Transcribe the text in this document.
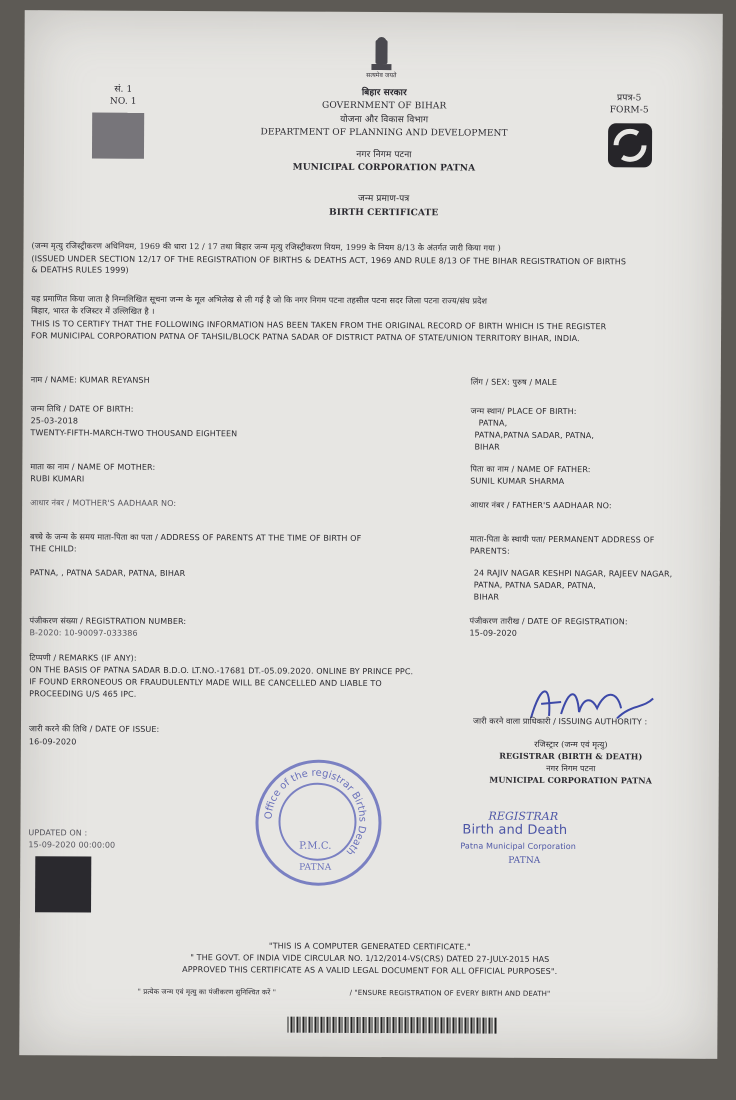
सं. 1
NO. 1
सत्यमेव जयते
बिहार सरकार
GOVERNMENT OF BIHAR
योजना और विकास विभाग
DEPARTMENT OF PLANNING AND DEVELOPMENT
नगर निगम पटना
MUNICIPAL CORPORATION PATNA
प्रपत्र-5
FORM-5
जन्म प्रमाण-पत्र
BIRTH CERTIFICATE
(जन्म मृत्यु रजिस्ट्रीकरण अधिनियम, 1969 की धारा 12 / 17 तथा बिहार जन्म मृत्यु रजिस्ट्रीकरण नियम, 1999 के नियम 8/13 के अंतर्गत जारी किया गया )
(ISSUED UNDER SECTION 12/17 OF THE REGISTRATION OF BIRTHS & DEATHS ACT, 1969 AND RULE 8/13 OF THE BIHAR REGISTRATION OF BIRTHS
& DEATHS RULES 1999)
यह प्रमाणित किया जाता है निम्नलिखित सूचना जन्म के मूल अभिलेख से ली गई है जो कि नगर निगम पटना तहसील पटना सदर जिला पटना राज्य/संघ प्रदेश
बिहार, भारत के रजिस्टर में उल्लिखित है ।
THIS IS TO CERTIFY THAT THE FOLLOWING INFORMATION HAS BEEN TAKEN FROM THE ORIGINAL RECORD OF BIRTH WHICH IS THE REGISTER
FOR MUNICIPAL CORPORATION PATNA OF TAHSIL/BLOCK PATNA SADAR OF DISTRICT PATNA OF STATE/UNION TERRITORY BIHAR, INDIA.
नाम / NAME: KUMAR REYANSH	लिंग / SEX: पुरुष / MALE
जन्म तिथि / DATE OF BIRTH:
25-03-2018
TWENTY-FIFTH-MARCH-TWO THOUSAND EIGHTEEN
जन्म स्थान/ PLACE OF BIRTH:
PATNA,
PATNA,PATNA SADAR, PATNA,
BIHAR
माता का नाम / NAME OF MOTHER:
RUBI KUMARI
पिता का नाम / NAME OF FATHER:
SUNIL KUMAR SHARMA
आधार नंबर / MOTHER'S AADHAAR NO:	आधार नंबर / FATHER'S AADHAAR NO:
बच्चे के जन्म के समय माता-पिता का पता / ADDRESS OF PARENTS AT THE TIME OF BIRTH OF
THE CHILD:
PATNA, , PATNA SADAR, PATNA, BIHAR
माता-पिता के स्थायी पता/ PERMANENT ADDRESS OF
PARENTS:
24 RAJIV NAGAR KESHPI NAGAR, RAJEEV NAGAR,
PATNA, PATNA SADAR, PATNA,
BIHAR
पंजीकरण संख्या / REGISTRATION NUMBER:
B-2020: 10-90097-033386
पंजीकरण तारीख / DATE OF REGISTRATION:
15-09-2020
टिप्पणी / REMARKS (IF ANY):
ON THE BASIS OF PATNA SADAR B.D.O. LT.NO.-17681 DT.-05.09.2020. ONLINE BY PRINCE PPC.
IF FOUND ERRONEOUS OR FRAUDULENTLY MADE WILL BE CANCELLED AND LIABLE TO
PROCEEDING U/S 465 IPC.
जारी करने की तिथि / DATE OF ISSUE:
16-09-2020
जारी करने वाला प्राधिकारी / ISSUING AUTHORITY :
रजिस्ट्रार (जन्म एवं मृत्यु)
REGISTRAR (BIRTH & DEATH)
नगर निगम पटना
MUNICIPAL CORPORATION PATNA
Office of the registrar Births Death
P.M.C.
PATNA
REGISTRAR
Birth and Death
Patna Municipal Corporation
PATNA
UPDATED ON :
15-09-2020 00:00:00
"THIS IS A COMPUTER GENERATED CERTIFICATE."
" THE GOVT. OF INDIA VIDE CIRCULAR NO. 1/12/2014-VS(CRS) DATED 27-JULY-2015 HAS
APPROVED THIS CERTIFICATE AS A VALID LEGAL DOCUMENT FOR ALL OFFICIAL PURPOSES".
" प्रत्येक जन्म एवं मृत्यु का पंजीकरण सुनिश्चित करें "	/ "ENSURE REGISTRATION OF EVERY BIRTH AND DEATH"
